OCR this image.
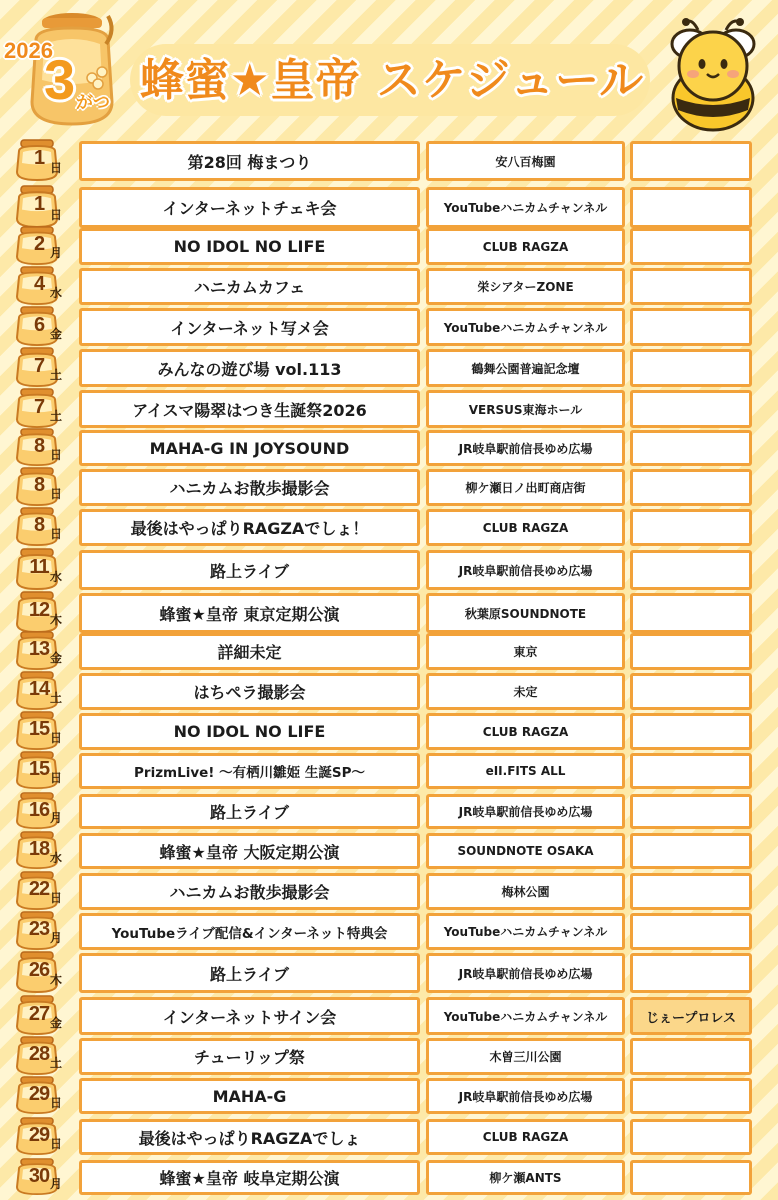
2026
3 がつ 蜂蜜★皇帝 スケジュール
1 日	第28回 梅まつり	安八百梅園
1 日	インターネットチェキ会	YouTubeハニカムチャンネル
2 月	NO IDOL NO LIFE	CLUB RAGZA
4 水	ハニカムカフェ	栄シアターZONE
6 金	インターネット写メ会	YouTubeハニカムチャンネル
7 土	みんなの遊び場 vol.113	鶴舞公園普遍記念壇
7 土	アイスマ陽翠はつき生誕祭2026	VERSUS東海ホール
8 日	MAHA-G IN JOYSOUND	JR岐阜駅前信長ゆめ広場
8 日	ハニカムお散歩撮影会	柳ケ瀬日ノ出町商店街
8 日	最後はやっぱりRAGZAでしょ！	CLUB RAGZA
11 水	路上ライブ	JR岐阜駅前信長ゆめ広場
12 木	蜂蜜★皇帝 東京定期公演	秋葉原SOUNDNOTE
13 金	詳細未定	東京
14 土	はちペラ撮影会	未定
15 日	NO IDOL NO LIFE	CLUB RAGZA
15 日	PrizmLive! 〜有栖川雛姫 生誕SP〜	eII.FITS ALL
16 月	路上ライブ	JR岐阜駅前信長ゆめ広場
18 水	蜂蜜★皇帝 大阪定期公演	SOUNDNOTE OSAKA
22 日	ハニカムお散歩撮影会	梅林公園
23 月	YouTubeライブ配信&インターネット特典会	YouTubeハニカムチャンネル
26 木	路上ライブ	JR岐阜駅前信長ゆめ広場
27 金	インターネットサイン会	YouTubeハニカムチャンネル	じぇープロレス
28 土	チューリップ祭	木曽三川公園
29 日	MAHA-G	JR岐阜駅前信長ゆめ広場
29 日	最後はやっぱりRAGZAでしょ	CLUB RAGZA
30 月	蜂蜜★皇帝 岐阜定期公演	柳ケ瀬ANTS
